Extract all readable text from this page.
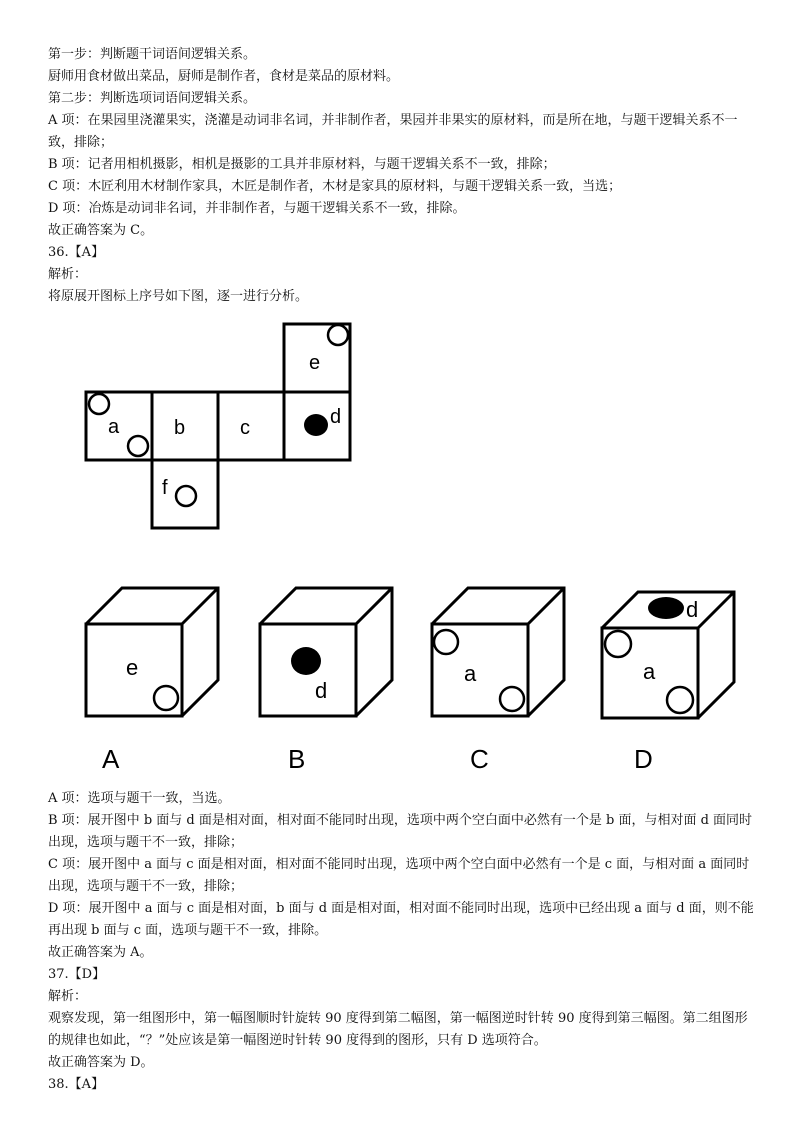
第一步：判断题干词语间逻辑关系。

厨师用食材做出菜品，厨师是制作者，食材是菜品的原材料。

第二步：判断选项词语间逻辑关系。

A 项：在果园里浇灌果实，浇灌是动词非名词，并非制作者，果园并非果实的原材料，而是所在地，与题干逻辑关系不一致，排除；

B 项：记者用相机摄影，相机是摄影的工具并非原材料，与题干逻辑关系不一致，排除；

C 项：木匠利用木材制作家具，木匠是制作者，木材是家具的原材料，与题干逻辑关系一致，当选；

D 项：冶炼是动词非名词，并非制作者，与题干逻辑关系不一致，排除。

故正确答案为 C。

36.【A】

解析：

将原展开图标上序号如下图，逐一进行分析。

e
a	b	c	d
f
e
d
a	a
d
A	B	C	D

A 项：选项与题干一致，当选。

B 项：展开图中 b 面与 d 面是相对面，相对面不能同时出现，选项中两个空白面中必然有一个是 b 面，与相对面 d 面同时出现，选项与题干不一致，排除；

C 项：展开图中 a 面与 c 面是相对面，相对面不能同时出现，选项中两个空白面中必然有一个是 c 面，与相对面 a 面同时出现，选项与题干不一致，排除；

D 项：展开图中 a 面与 c 面是相对面，b 面与 d 面是相对面，相对面不能同时出现，选项中已经出现 a 面与 d 面，则不能再出现 b 面与 c 面，选项与题干不一致，排除。

故正确答案为 A。

37.【D】

解析：

观察发现，第一组图形中，第一幅图顺时针旋转 90 度得到第二幅图，第一幅图逆时针转 90 度得到第三幅图。第二组图形的规律也如此，“？”处应该是第一幅图逆时针转 90 度得到的图形，只有 D 选项符合。

故正确答案为 D。

38.【A】
